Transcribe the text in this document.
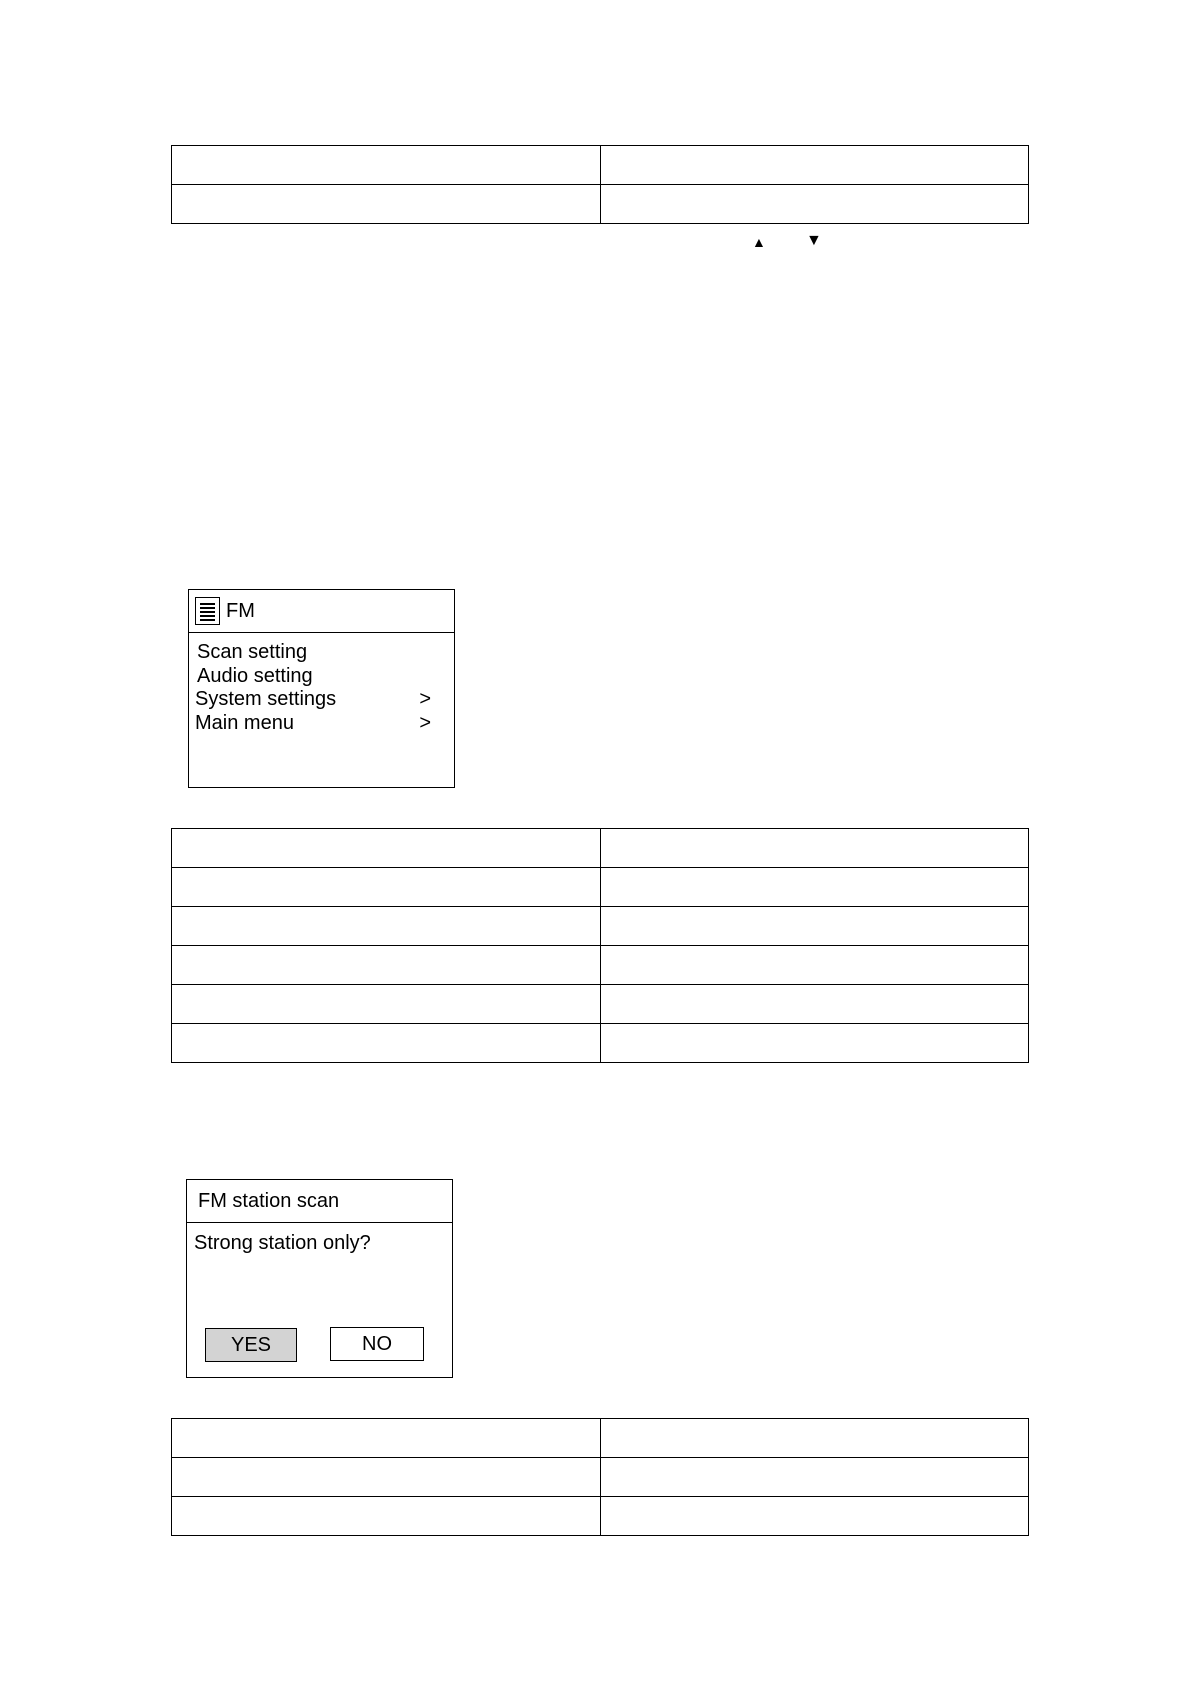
▲	▼
FM
Scan setting
Audio setting
System settings	>
Main menu	>

FM station scan
Strong station only?
YES	NO
